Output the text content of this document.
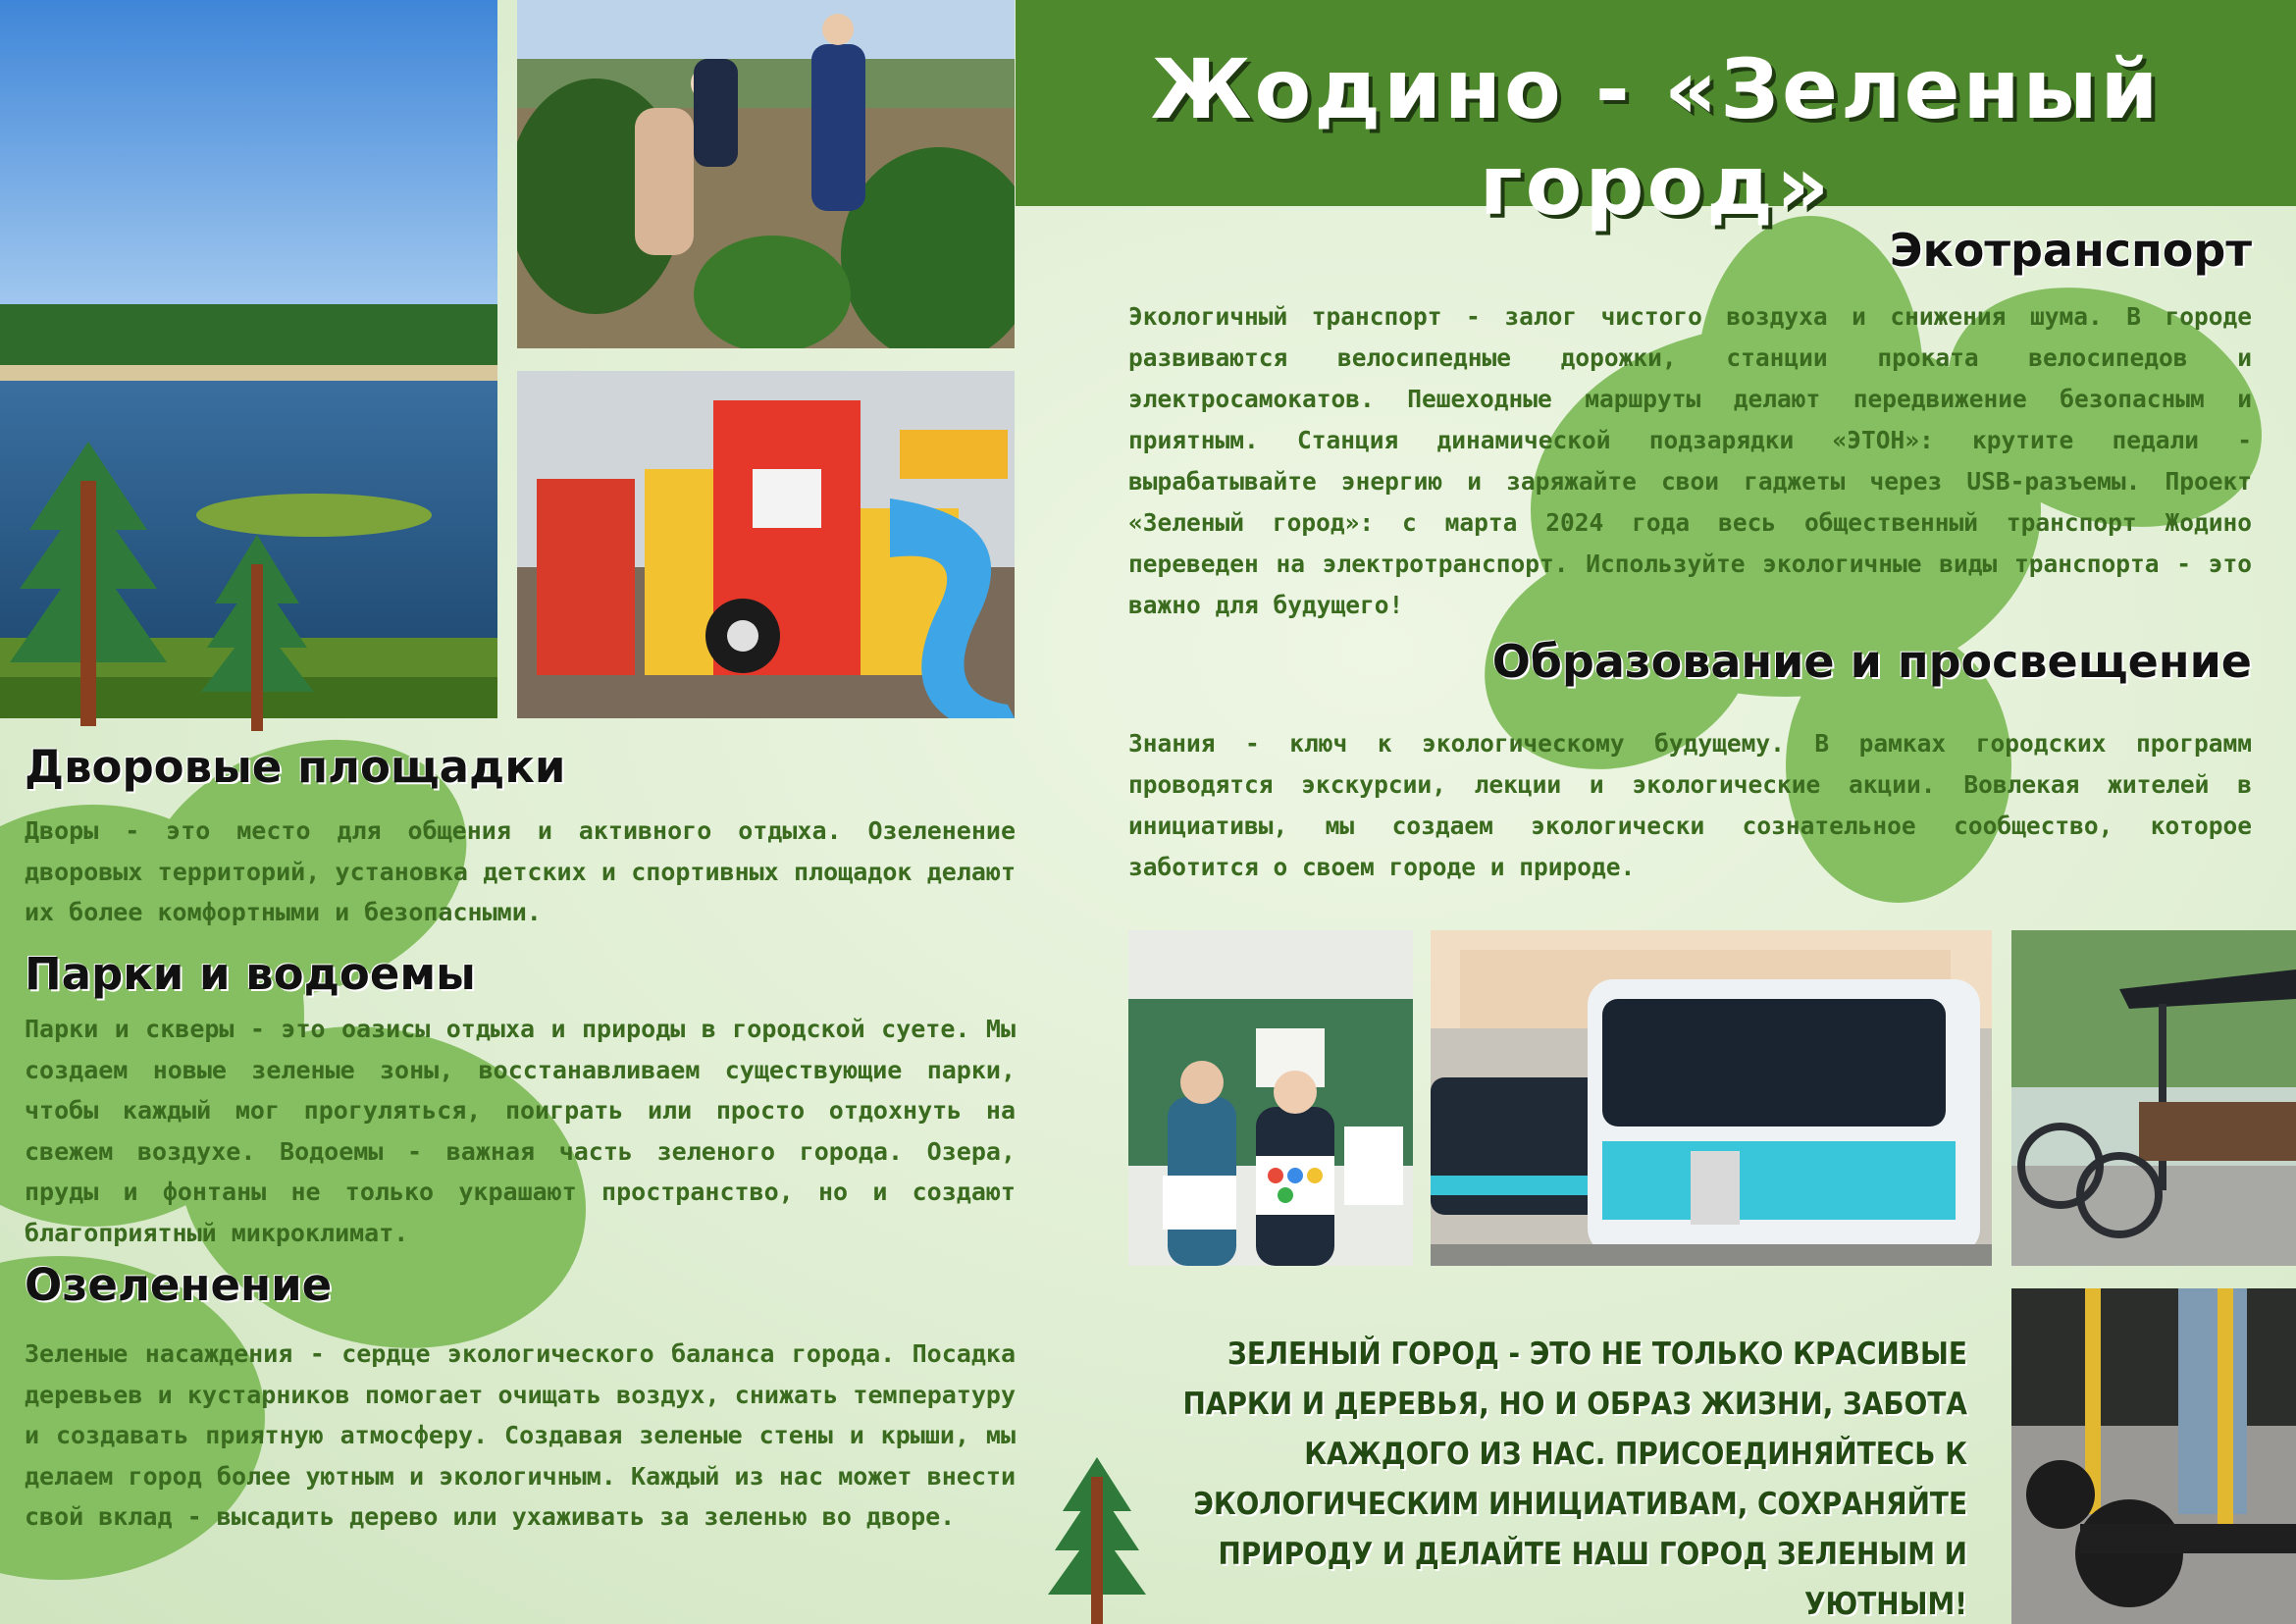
Жодино - «Зеленый город»
Дворовые площадки
Дворы - это место для общения и активного отдыха. Озеленение дворовых территорий, установка детских и спортивных площадок делают их более комфортными и безопасными.
Парки и водоемы
Парки и скверы - это оазисы отдыха и природы в городской суете. Мы создаем новые зеленые зоны, восстанавливаем существующие парки, чтобы каждый мог прогуляться, поиграть или просто отдохнуть на свежем воздухе. Водоемы - важная часть зеленого города. Озера, пруды и фонтаны не только украшают пространство, но и создают благоприятный микроклимат.
Озеленение
Зеленые насаждения - сердце экологического баланса города. Посадка деревьев и кустарников помогает очищать воздух, снижать температуру и создавать приятную атмосферу. Создавая зеленые стены и крыши, мы делаем город более уютным и экологичным. Каждый из нас может внести свой вклад - высадить дерево или ухаживать за зеленью во дворе.
Экотранспорт
Экологичный транспорт - залог чистого воздуха и снижения шума. В городе развиваются велосипедные дорожки, станции проката велосипедов и электросамокатов. Пешеходные маршруты делают передвижение безопасным и приятным. Станция динамической подзарядки «ЭТОН»: крутите педали - вырабатывайте энергию и заряжайте свои гаджеты через USB-разъемы. Проект «Зеленый город»: с марта 2024 года весь общественный транспорт Жодино переведен на электротранспорт. Используйте экологичные виды транспорта - это важно для будущего!
Образование и просвещение
Знания - ключ к экологическому будущему. В рамках городских программ проводятся экскурсии, лекции и экологические акции. Вовлекая жителей в инициативы, мы создаем экологически сознательное сообщество, которое заботится о своем городе и природе.
ЗЕЛЕНЫЙ ГОРОД - ЭТО НЕ ТОЛЬКО КРАСИВЫЕ ПАРКИ И ДЕРЕВЬЯ, НО И ОБРАЗ ЖИЗНИ, ЗАБОТА КАЖДОГО ИЗ НАС. ПРИСОЕДИНЯЙТЕСЬ К ЭКОЛОГИЧЕСКИМ ИНИЦИАТИВАМ, СОХРАНЯЙТЕ ПРИРОДУ И ДЕЛАЙТЕ НАШ ГОРОД ЗЕЛЕНЫМ И УЮТНЫМ!
